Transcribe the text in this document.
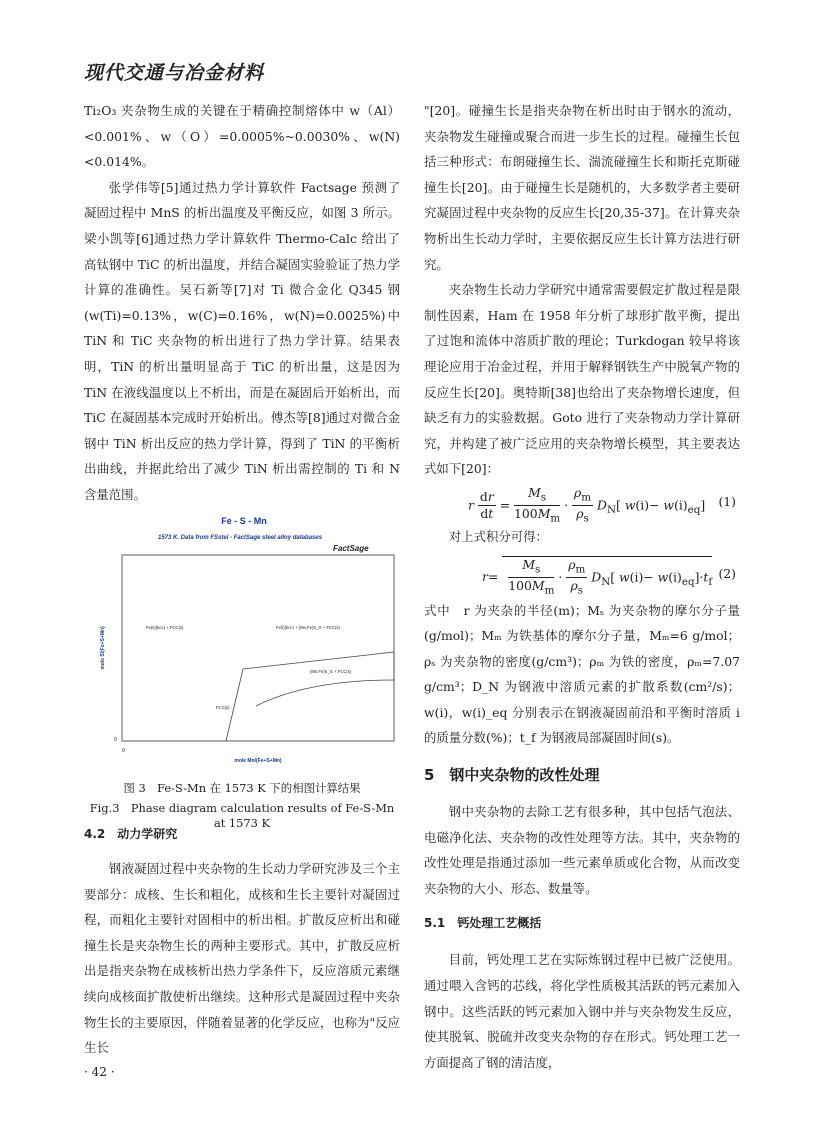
现代交通与冶金材料

Ti₂O₃ 夹杂物生成的关键在于精确控制熔体中 w（Al）<0.001%、w（O）=0.0005%~0.0030%、w(N)<0.014%。

张学伟等[5]通过热力学计算软件 Factsage 预测了凝固过程中 MnS 的析出温度及平衡反应，如图 3 所示。梁小凯等[6]通过热力学计算软件 Thermo-Calc 给出了高钛钢中 TiC 的析出温度，并结合凝固实验验证了热力学计算的准确性。吴石新等[7]对 Ti 微合金化 Q345 钢(w(Ti)=0.13%，w(C)=0.16%，w(N)=0.0025%)中 TiN 和 TiC 夹杂物的析出进行了热力学计算。结果表明，TiN 的析出量明显高于 TiC 的析出量，这是因为 TiN 在液线温度以上不析出，而是在凝固后开始析出，而 TiC 在凝固基本完成时开始析出。傅杰等[8]通过对微合金钢中 TiN 析出反应的热力学计算，得到了 TiN 的平衡析出曲线，并据此给出了减少 TiN 析出需控制的 Ti 和 N 含量范围。

Fe - S - Mn
1573 K. Data from FSstel - FactSage steel alloy databases
FactSage
Fe(s)(bcc) + FCC(s)	Fe(l)(bcc) + (Mn,Fe)S_G + FCC(s)
(Mn,Fe)S_G + FCC(s)
FCC(s)
mole S/(Fe+S+Mn)
0
0
mole Mn/(Fe+S+Mn)
图 3　Fe-S-Mn 在 1573 K 下的相图计算结果
Fig.3　Phase diagram calculation results of Fe-S-Mn at 1573 K
4.2　动力学研究

钢液凝固过程中夹杂物的生长动力学研究涉及三个主要部分：成核、生长和粗化，成核和生长主要针对凝固过程，而粗化主要针对固相中的析出相。扩散反应析出和碰撞生长是夹杂物生长的两种主要形式。其中，扩散反应析出是指夹杂物在成核析出热力学条件下，反应溶质元素继续向成核面扩散使析出继续。这种形式是凝固过程中夹杂物生长的主要原因，伴随着显著的化学反应，也称为"反应生长

"[20]。碰撞生长是指夹杂物在析出时由于钢水的流动，夹杂物发生碰撞或聚合而进一步生长的过程。碰撞生长包括三种形式：布朗碰撞生长、湍流碰撞生长和斯托克斯碰撞生长[20]。由于碰撞生长是随机的，大多数学者主要研究凝固过程中夹杂物的反应生长[20,35-37]。在计算夹杂物析出生长动力学时，主要依据反应生长计算方法进行研究。

夹杂物生长动力学研究中通常需要假定扩散过程是限制性因素，Ham 在 1958 年分析了球形扩散平衡，提出了过饱和流体中溶质扩散的理论；Turkdogan 较早将该理论应用于冶金过程，并用于解释钢铁生产中脱氧产物的反应生长[20]。奥特斯[38]也给出了夹杂物增长速度，但缺乏有力的实验数据。Goto 进行了夹杂物动力学计算研究，并构建了被广泛应用的夹杂物增长模型，其主要表达式如下[20]：

r $\frac{dr}{dt} = \frac{M_s}{100M_m} \cdot \frac{\rho_m}{\rho_s} D_N$[ $w(i)- w(i)_{eq}$] (1)

对上式积分可得：

$r= \frac{M_s}{100M_m} \cdot \frac{\rho_m}{\rho_s} D_N$[ $w(i)- w(i)_{eq}]\cdot t_f$
(2)

式中　r 为夹杂的半径(m)；Mₛ 为夹杂物的摩尔分子量(g/mol)；Mₘ 为铁基体的摩尔分子量，Mₘ=6 g/mol；ρₛ 为夹杂物的密度(g/cm³)；ρₘ 为铁的密度，ρₘ=7.07 g/cm³；D_N 为钢液中溶质元素的扩散系数(cm²/s)；w(i)，w(i)_eq 分别表示在钢液凝固前沿和平衡时溶质 i 的质量分数(%)；t_f 为钢液局部凝固时间(s)。

5　钢中夹杂物的改性处理

钢中夹杂物的去除工艺有很多种，其中包括气泡法、电磁净化法、夹杂物的改性处理等方法。其中，夹杂物的改性处理是指通过添加一些元素单质或化合物，从而改变夹杂物的大小、形态、数量等。

5.1　钙处理工艺概括

目前，钙处理工艺在实际炼钢过程中已被广泛使用。通过喂入含钙的芯线，将化学性质极其活跃的钙元素加入钢中。这些活跃的钙元素加入钢中并与夹杂物发生反应，使其脱氧、脱硫并改变夹杂物的存在形式。钙处理工艺一方面提高了钢的清洁度，

· 42 ·
